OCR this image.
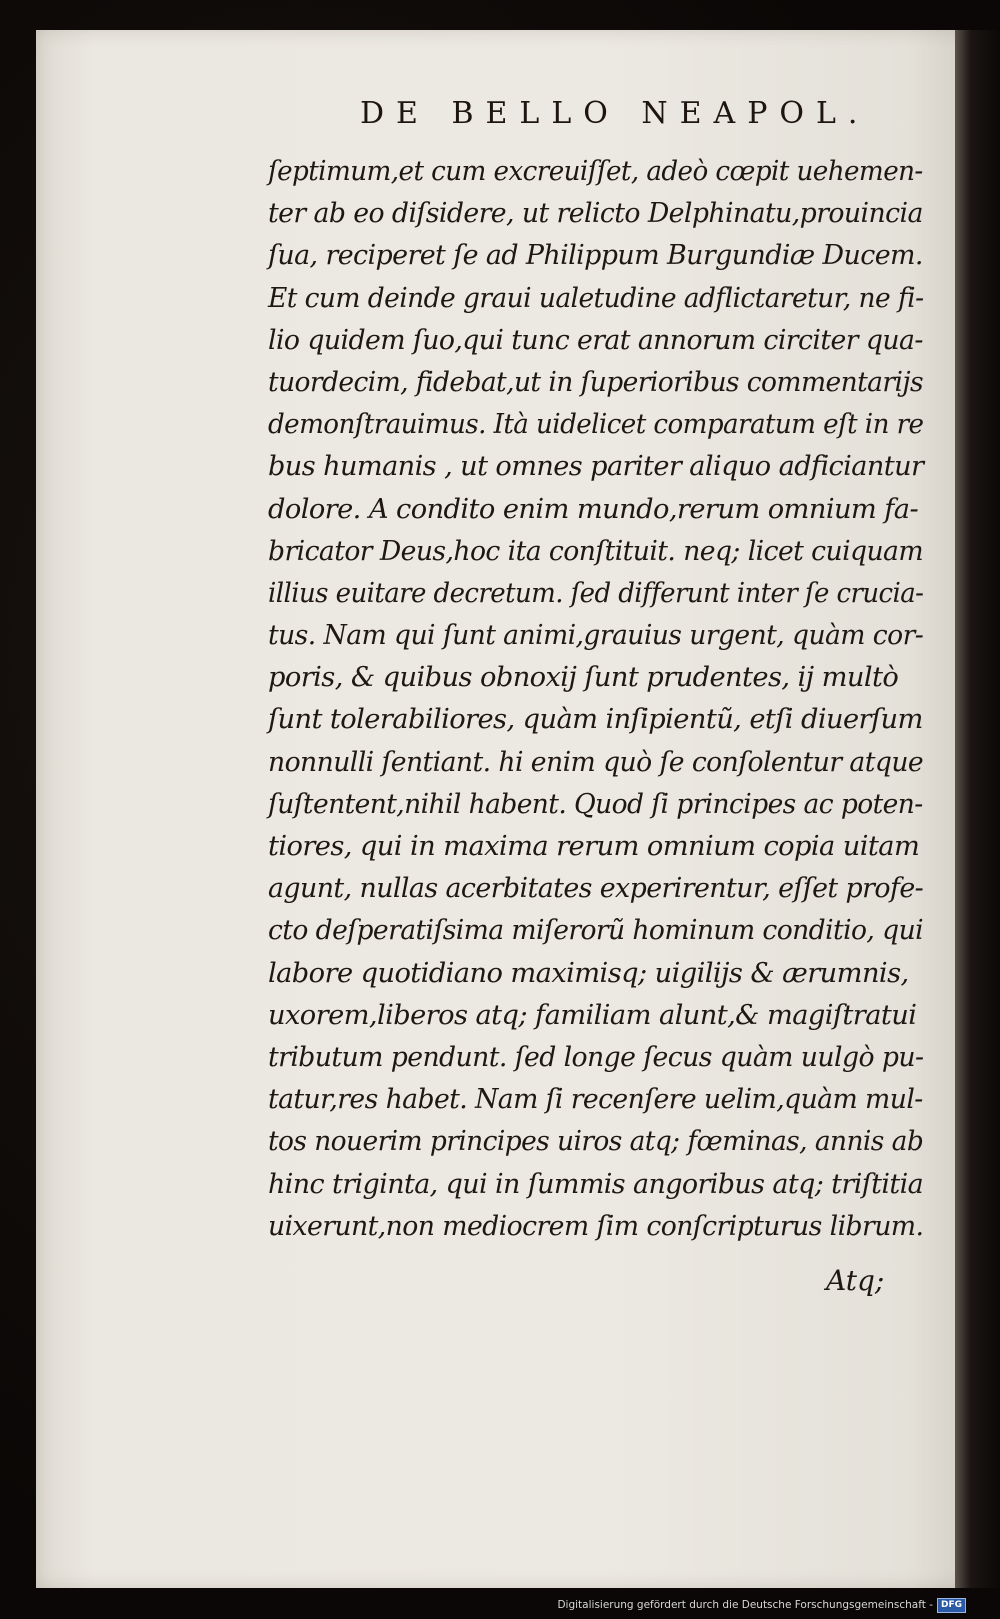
DE BELLO NEAPOL.
ſeptimum,et cum excreuiſſet, adeò cœpit uehemen-
ter ab eo diſsidere, ut relicto Delphinatu,prouincia
ſua, reciperet ſe ad Philippum Burgundiæ Ducem.
Et cum deinde graui ualetudine adflictaretur, ne fi-
lio quidem ſuo,qui tunc erat annorum circiter qua-
tuordecim, fidebat,ut in ſuperioribus commentarijs
demonſtrauimus. Ità uidelicet comparatum eſt in re
bus humanis , ut omnes pariter aliquo adficiantur
dolore. A condito enim mundo,rerum omnium fa-
bricator Deus,hoc ita conſtituit. neq; licet cuiquam
illius euitare decretum. ſed differunt inter ſe crucia-
tus. Nam qui ſunt animi,grauius urgent, quàm cor-
poris, & quibus obnoxij ſunt prudentes, ij multò
ſunt tolerabiliores, quàm inſipientũ, etſi diuerſum
nonnulli ſentiant. hi enim quò ſe conſolentur atque
ſuſtentent,nihil habent. Quod ſi principes ac poten-
tiores, qui in maxima rerum omnium copia uitam
agunt, nullas acerbitates experirentur, eſſet profe-
cto deſperatiſsima miſerorũ hominum conditio, qui
labore quotidiano maximisq; uigilijs & ærumnis,
uxorem,liberos atq; familiam alunt,& magiſtratui
tributum pendunt. ſed longe ſecus quàm uulgò pu-
tatur,res habet. Nam ſi recenſere uelim,quàm mul-
tos nouerim principes uiros atq; fœminas, annis ab
hinc triginta, qui in ſummis angoribus atq; triſtitia
uixerunt,non mediocrem ſim conſcripturus librum.
Atq;
Digitalisierung gefördert durch die Deutsche Forschungsgemeinschaft - DFG
